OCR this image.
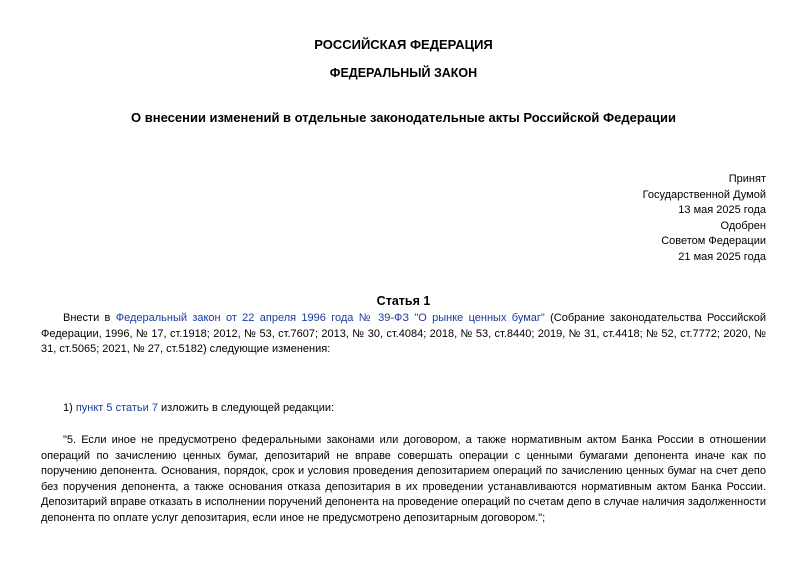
РОССИЙСКАЯ ФЕДЕРАЦИЯ
ФЕДЕРАЛЬНЫЙ ЗАКОН
О внесении изменений в отдельные законодательные акты Российской Федерации
Принят
Государственной Думой
13 мая 2025 года
Одобрен
Советом Федерации
21 мая 2025 года
Статья 1
Внести в Федеральный закон от 22 апреля 1996 года № 39-ФЗ "О рынке ценных бумаг" (Собрание законодательства Российской Федерации, 1996, № 17, ст.1918; 2012, № 53, ст.7607; 2013, № 30, ст.4084; 2018, № 53, ст.8440; 2019, № 31, ст.4418; № 52, ст.7772; 2020, № 31, ст.5065; 2021, № 27, ст.5182) следующие изменения:
1) пункт 5 статьи 7 изложить в следующей редакции:
"5. Если иное не предусмотрено федеральными законами или договором, а также нормативным актом Банка России в отношении операций по зачислению ценных бумаг, депозитарий не вправе совершать операции с ценными бумагами депонента иначе как по поручению депонента. Основания, порядок, срок и условия проведения депозитарием операций по зачислению ценных бумаг на счет депо без поручения депонента, а также основания отказа депозитария в их проведении устанавливаются нормативным актом Банка России. Депозитарий вправе отказать в исполнении поручений депонента на проведение операций по счетам депо в случае наличия задолженности депонента по оплате услуг депозитария, если иное не предусмотрено депозитарным договором.";
